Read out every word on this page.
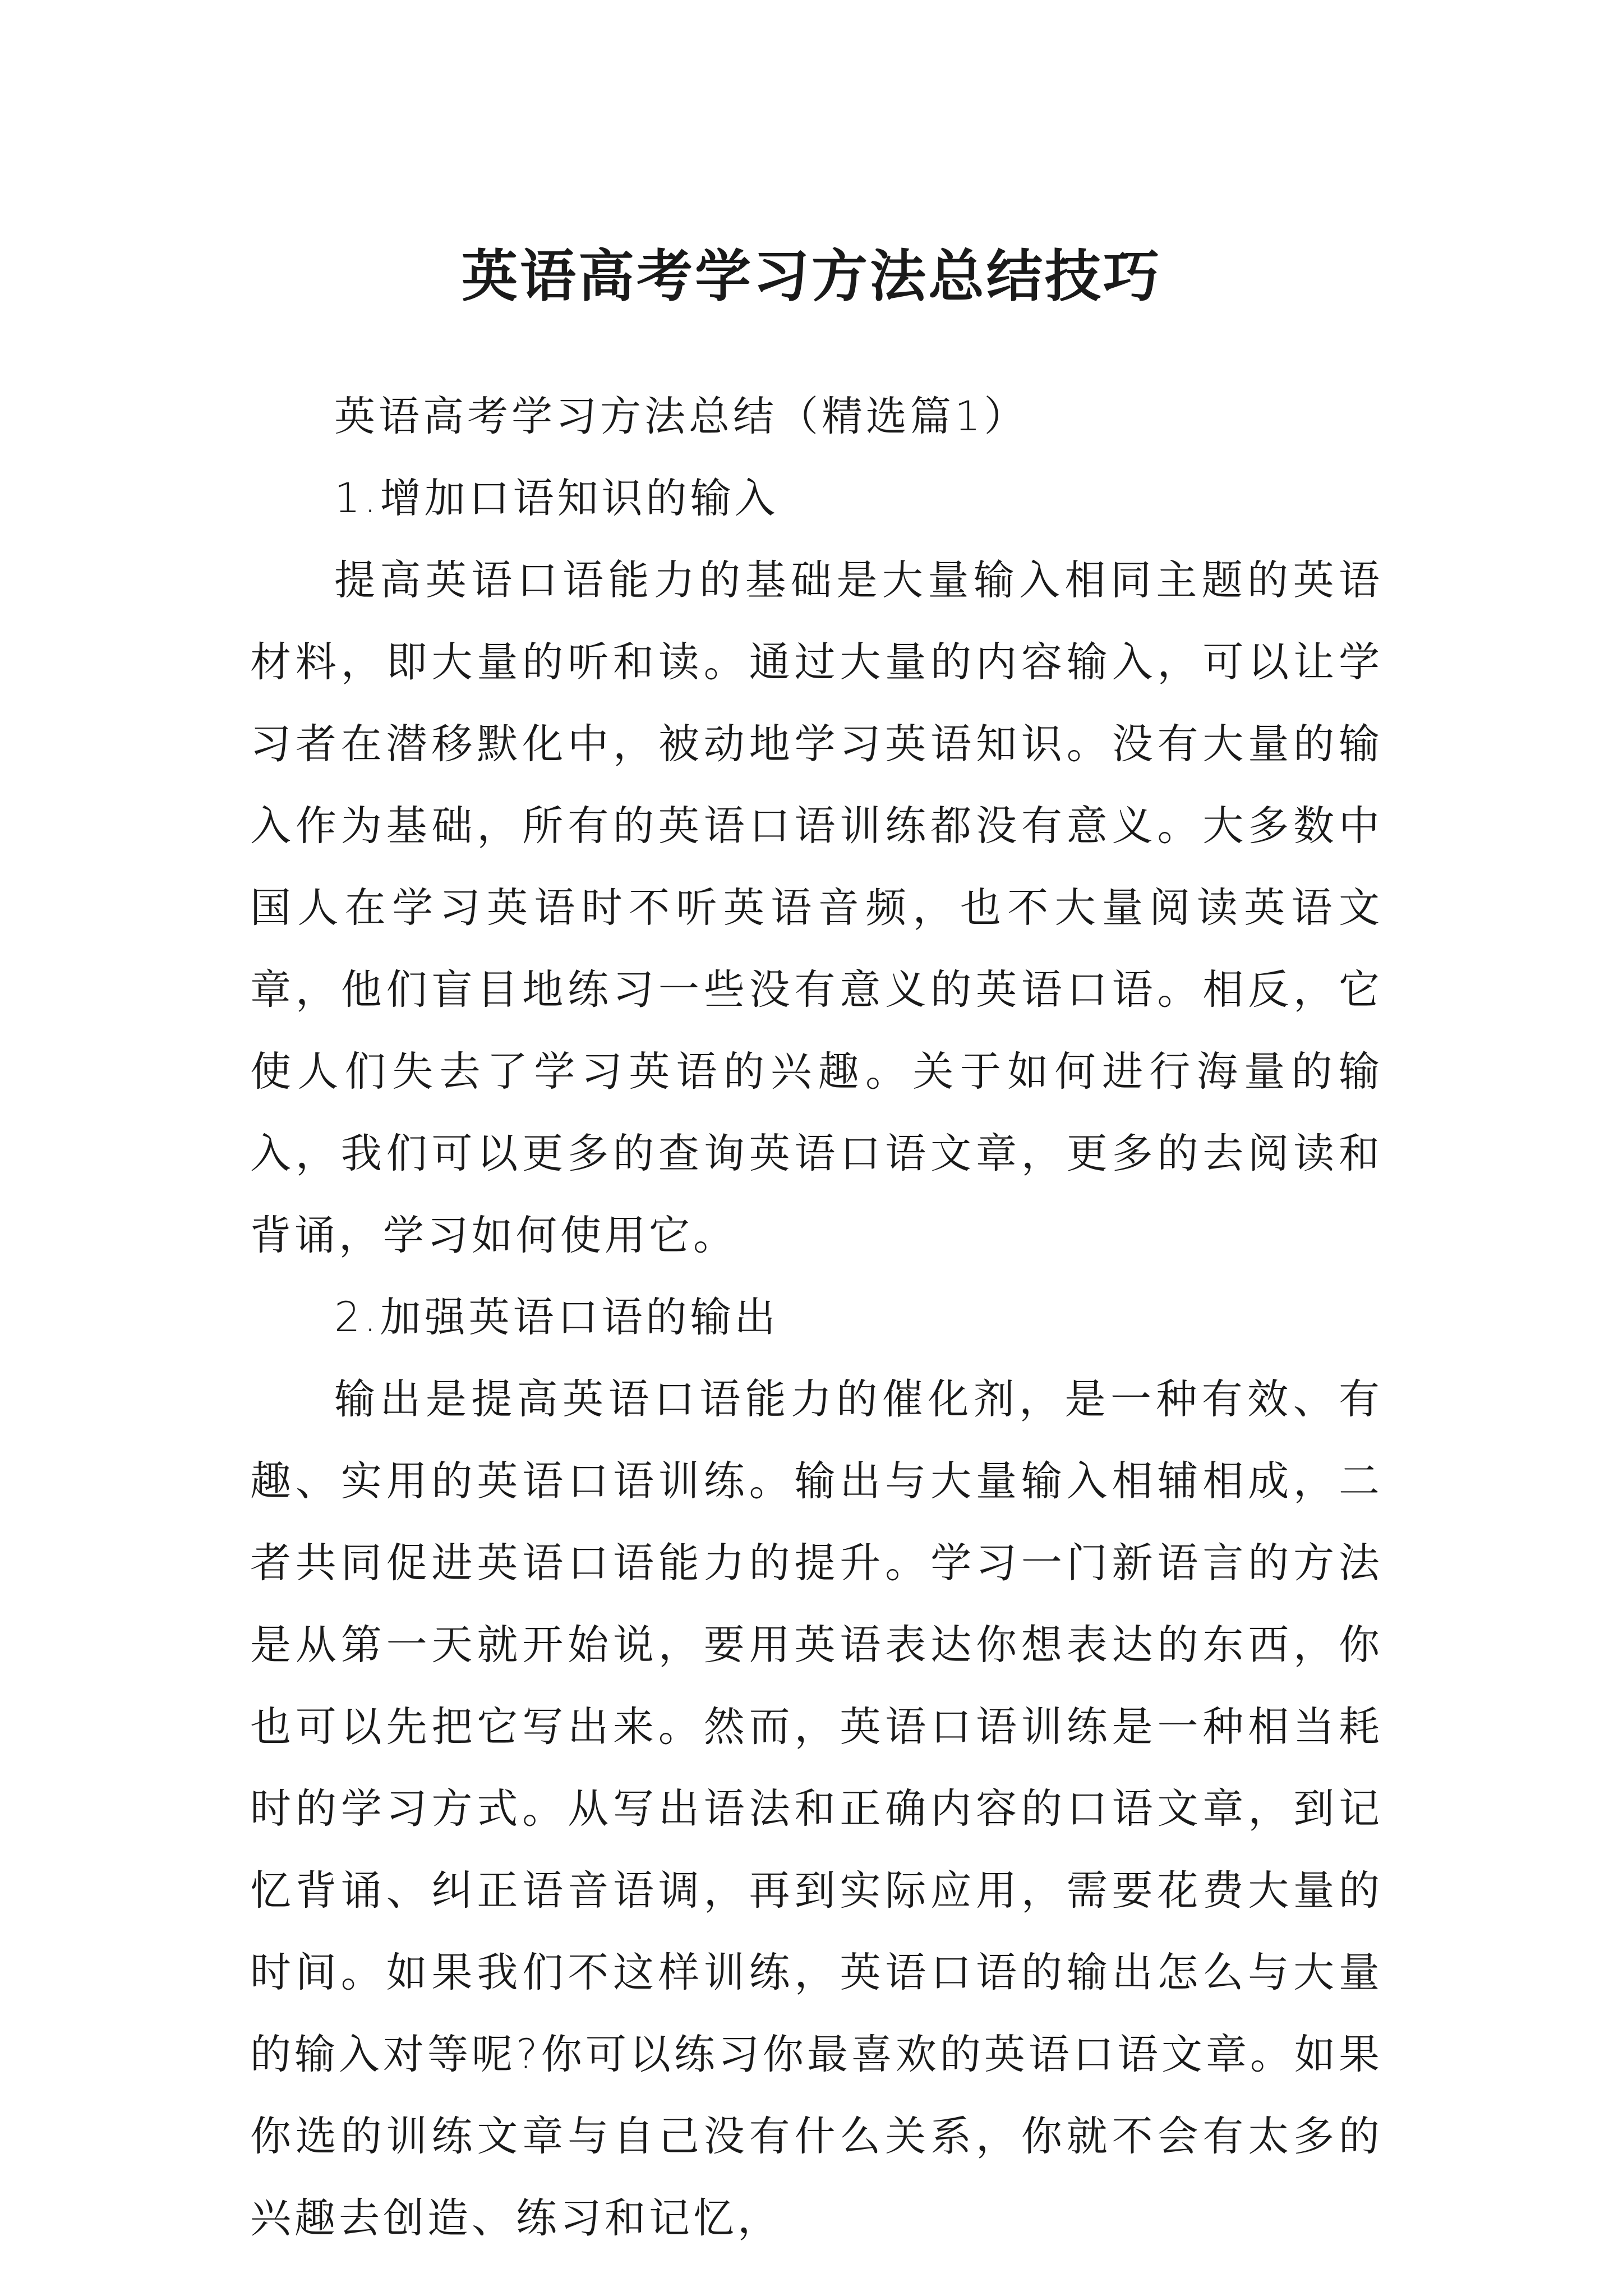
英语高考学习方法总结技巧

英语高考学习方法总结（精选篇1）

1.增加口语知识的输入

提高英语口语能力的基础是大量输入相同主题的英语材料，即大量的听和读。通过大量的内容输入，可以让学习者在潜移默化中，被动地学习英语知识。没有大量的输入作为基础，所有的英语口语训练都没有意义。大多数中国人在学习英语时不听英语音频，也不大量阅读英语文章，他们盲目地练习一些没有意义的英语口语。相反，它使人们失去了学习英语的兴趣。关于如何进行海量的输入，我们可以更多的查询英语口语文章，更多的去阅读和背诵，学习如何使用它。

2.加强英语口语的输出

输出是提高英语口语能力的催化剂，是一种有效、有趣、实用的英语口语训练。输出与大量输入相辅相成，二者共同促进英语口语能力的提升。学习一门新语言的方法是从第一天就开始说，要用英语表达你想表达的东西，你也可以先把它写出来。然而，英语口语训练是一种相当耗时的学习方式。从写出语法和正确内容的口语文章，到记忆背诵、纠正语音语调，再到实际应用，需要花费大量的时间。如果我们不这样训练，英语口语的输出怎么与大量的输入对等呢?你可以练习你最喜欢的英语口语文章。如果你选的训练文章与自己没有什么关系，你就不会有太多的兴趣去创造、练习和记忆，
